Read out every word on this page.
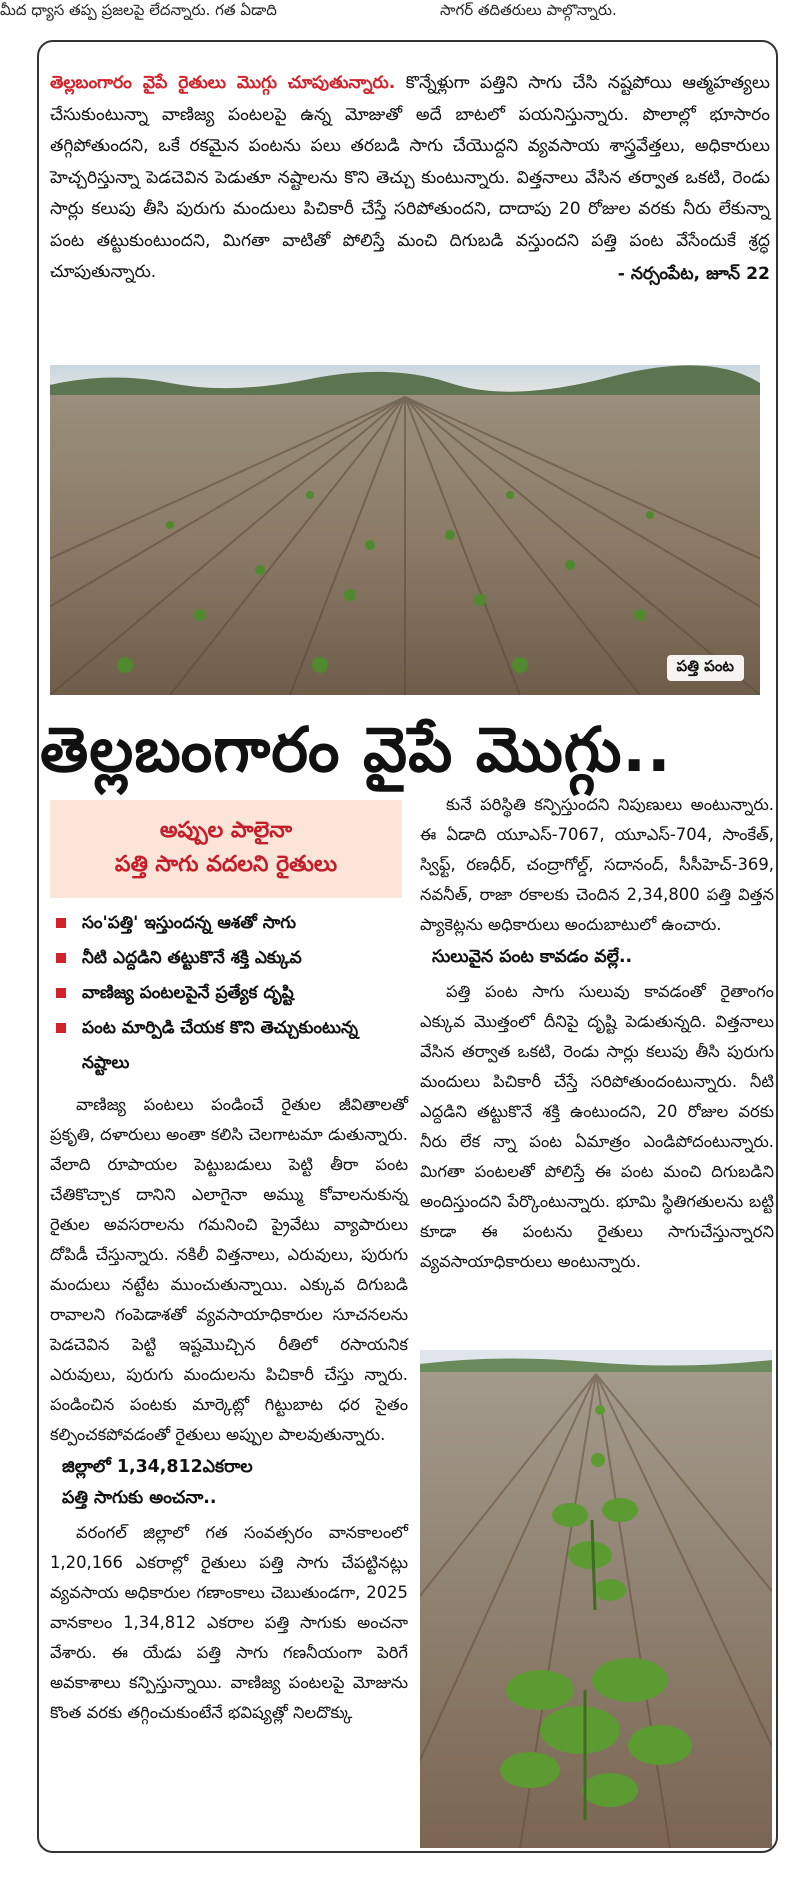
మీద ధ్యాస తప్ప ప్రజలపై లేదన్నారు. గత ఏడాది	సాగర్ తదితరులు పాల్గొన్నారు.
తెల్లబంగారం వైపే రైతులు మొగ్గు చూపుతున్నారు. కొన్నేళ్లుగా పత్తిని సాగు చేసి నష్టపోయి ఆత్మహత్యలు చేసుకుంటున్నా వాణిజ్య పంటలపై ఉన్న మోజుతో అదే బాటలో పయనిస్తున్నారు. పొలాల్లో భూసారం తగ్గిపోతుందని, ఒకే రకమైన పంటను పలు తరబడి సాగు చేయొద్దని వ్యవసాయ శాస్త్రవేత్తలు, అధికారులు హెచ్చరిస్తున్నా పెడచెవిన పెడుతూ నష్టాలను కొని తెచ్చు కుంటున్నారు. విత్తనాలు వేసిన తర్వాత ఒకటి, రెండు సార్లు కలుపు తీసి పురుగు మందులు పిచికారీ చేస్తే సరిపోతుందని, దాదాపు 20 రోజుల వరకు నీరు లేకున్నా పంట తట్టుకుంటుందని, మిగతా వాటితో పోలిస్తే మంచి దిగుబడి వస్తుందని పత్తి పంట వేసేందుకే శ్రద్ధ చూపుతున్నారు.	- నర్సంపేట, జూన్ 22
పత్తి పంట
తెల్లబంగారం వైపే మొగ్గు..
అప్పుల పాలైనా
పత్తి సాగు వదలని రైతులు
సం'పత్తి' ఇస్తుందన్న ఆశతో సాగు
నీటి ఎద్దడిని తట్టుకొనే శక్తి ఎక్కువ
వాణిజ్య పంటలపైనే ప్రత్యేక దృష్టి
పంట మార్పిడి చేయక కొని తెచ్చుకుంటున్న నష్టాలు

వాణిజ్య పంటలు పండించే రైతుల జీవితాలతో ప్రకృతి, దళారులు అంతా కలిసి చెలగాటమా డుతున్నారు. వేలాది రూపాయల పెట్టుబడులు పెట్టి తీరా పంట చేతికొచ్చాక దానిని ఎలాగైనా అమ్ము కోవాలనుకున్న రైతుల అవసరాలను గమనించి ప్రైవేటు వ్యాపారులు దోపిడీ చేస్తున్నారు. నకిలీ విత్తనాలు, ఎరువులు, పురుగు మందులు నట్టేట ముంచుతున్నాయి. ఎక్కువ దిగుబడి రావాలని గంపెడాశతో వ్యవసాయాధికారుల సూచనలను పెడచెవిన పెట్టి ఇష్టమొచ్చిన రీతిలో రసాయనిక ఎరువులు, పురుగు మందులను పిచికారీ చేస్తు న్నారు. పండించిన పంటకు మార్కెట్లో గిట్టుబాట ధర సైతం కల్పించకపోవడంతో రైతులు అప్పుల పాలవుతున్నారు.

జిల్లాలో 1,34,812ఎకరాల
పత్తి సాగుకు అంచనా..

వరంగల్ జిల్లాలో గత సంవత్సరం వానకాలంలో 1,20,166 ఎకరాల్లో రైతులు పత్తి సాగు చేపట్టినట్లు వ్యవసాయ అధికారుల గణాంకాలు చెబుతుండగా, 2025 వానకాలం 1,34,812 ఎకరాల పత్తి సాగుకు అంచనా వేశారు. ఈ యేడు పత్తి సాగు గణనీయంగా పెరిగే అవకాశాలు కన్పిస్తున్నాయి. వాణిజ్య పంటలపై మోజును కొంత వరకు తగ్గించుకుంటేనే భవిష్యత్లో నిలదొక్కు

కునే పరిస్థితి కన్పిస్తుందని నిపుణులు అంటున్నారు. ఈ ఏడాది యూఎస్-7067, యూఎస్-704, సాంకేత్, స్విఫ్ట్, రణధీర్, చంద్రాగోల్డ్, సదానంద్, సీసీహెచ్-369, నవనీత్, రాజా రకాలకు చెందిన 2,34,800 పత్తి విత్తన ప్యాకెట్లను అధికారులు అందుబాటులో ఉంచారు.

సులువైన పంట కావడం వల్లే..

పత్తి పంట సాగు సులువు కావడంతో రైతాంగం ఎక్కువ మొత్తంలో దీనిపై దృష్టి పెడుతున్నది. విత్తనాలు వేసిన తర్వాత ఒకటి, రెండు సార్లు కలుపు తీసి పురుగు మందులు పిచికారీ చేస్తే సరిపోతుందంటున్నారు. నీటి ఎద్దడిని తట్టుకొనే శక్తి ఉంటుందని, 20 రోజుల వరకు నీరు లేక న్నా పంట ఏమాత్రం ఎండిపోదంటున్నారు. మిగతా పంటలతో పోలిస్తే ఈ పంట మంచి దిగుబడిని అందిస్తుందని పేర్కొంటున్నారు. భూమి స్థితిగతులను బట్టి కూడా ఈ పంటను రైతులు సాగుచేస్తున్నారని వ్యవసాయాధికారులు అంటున్నారు.
